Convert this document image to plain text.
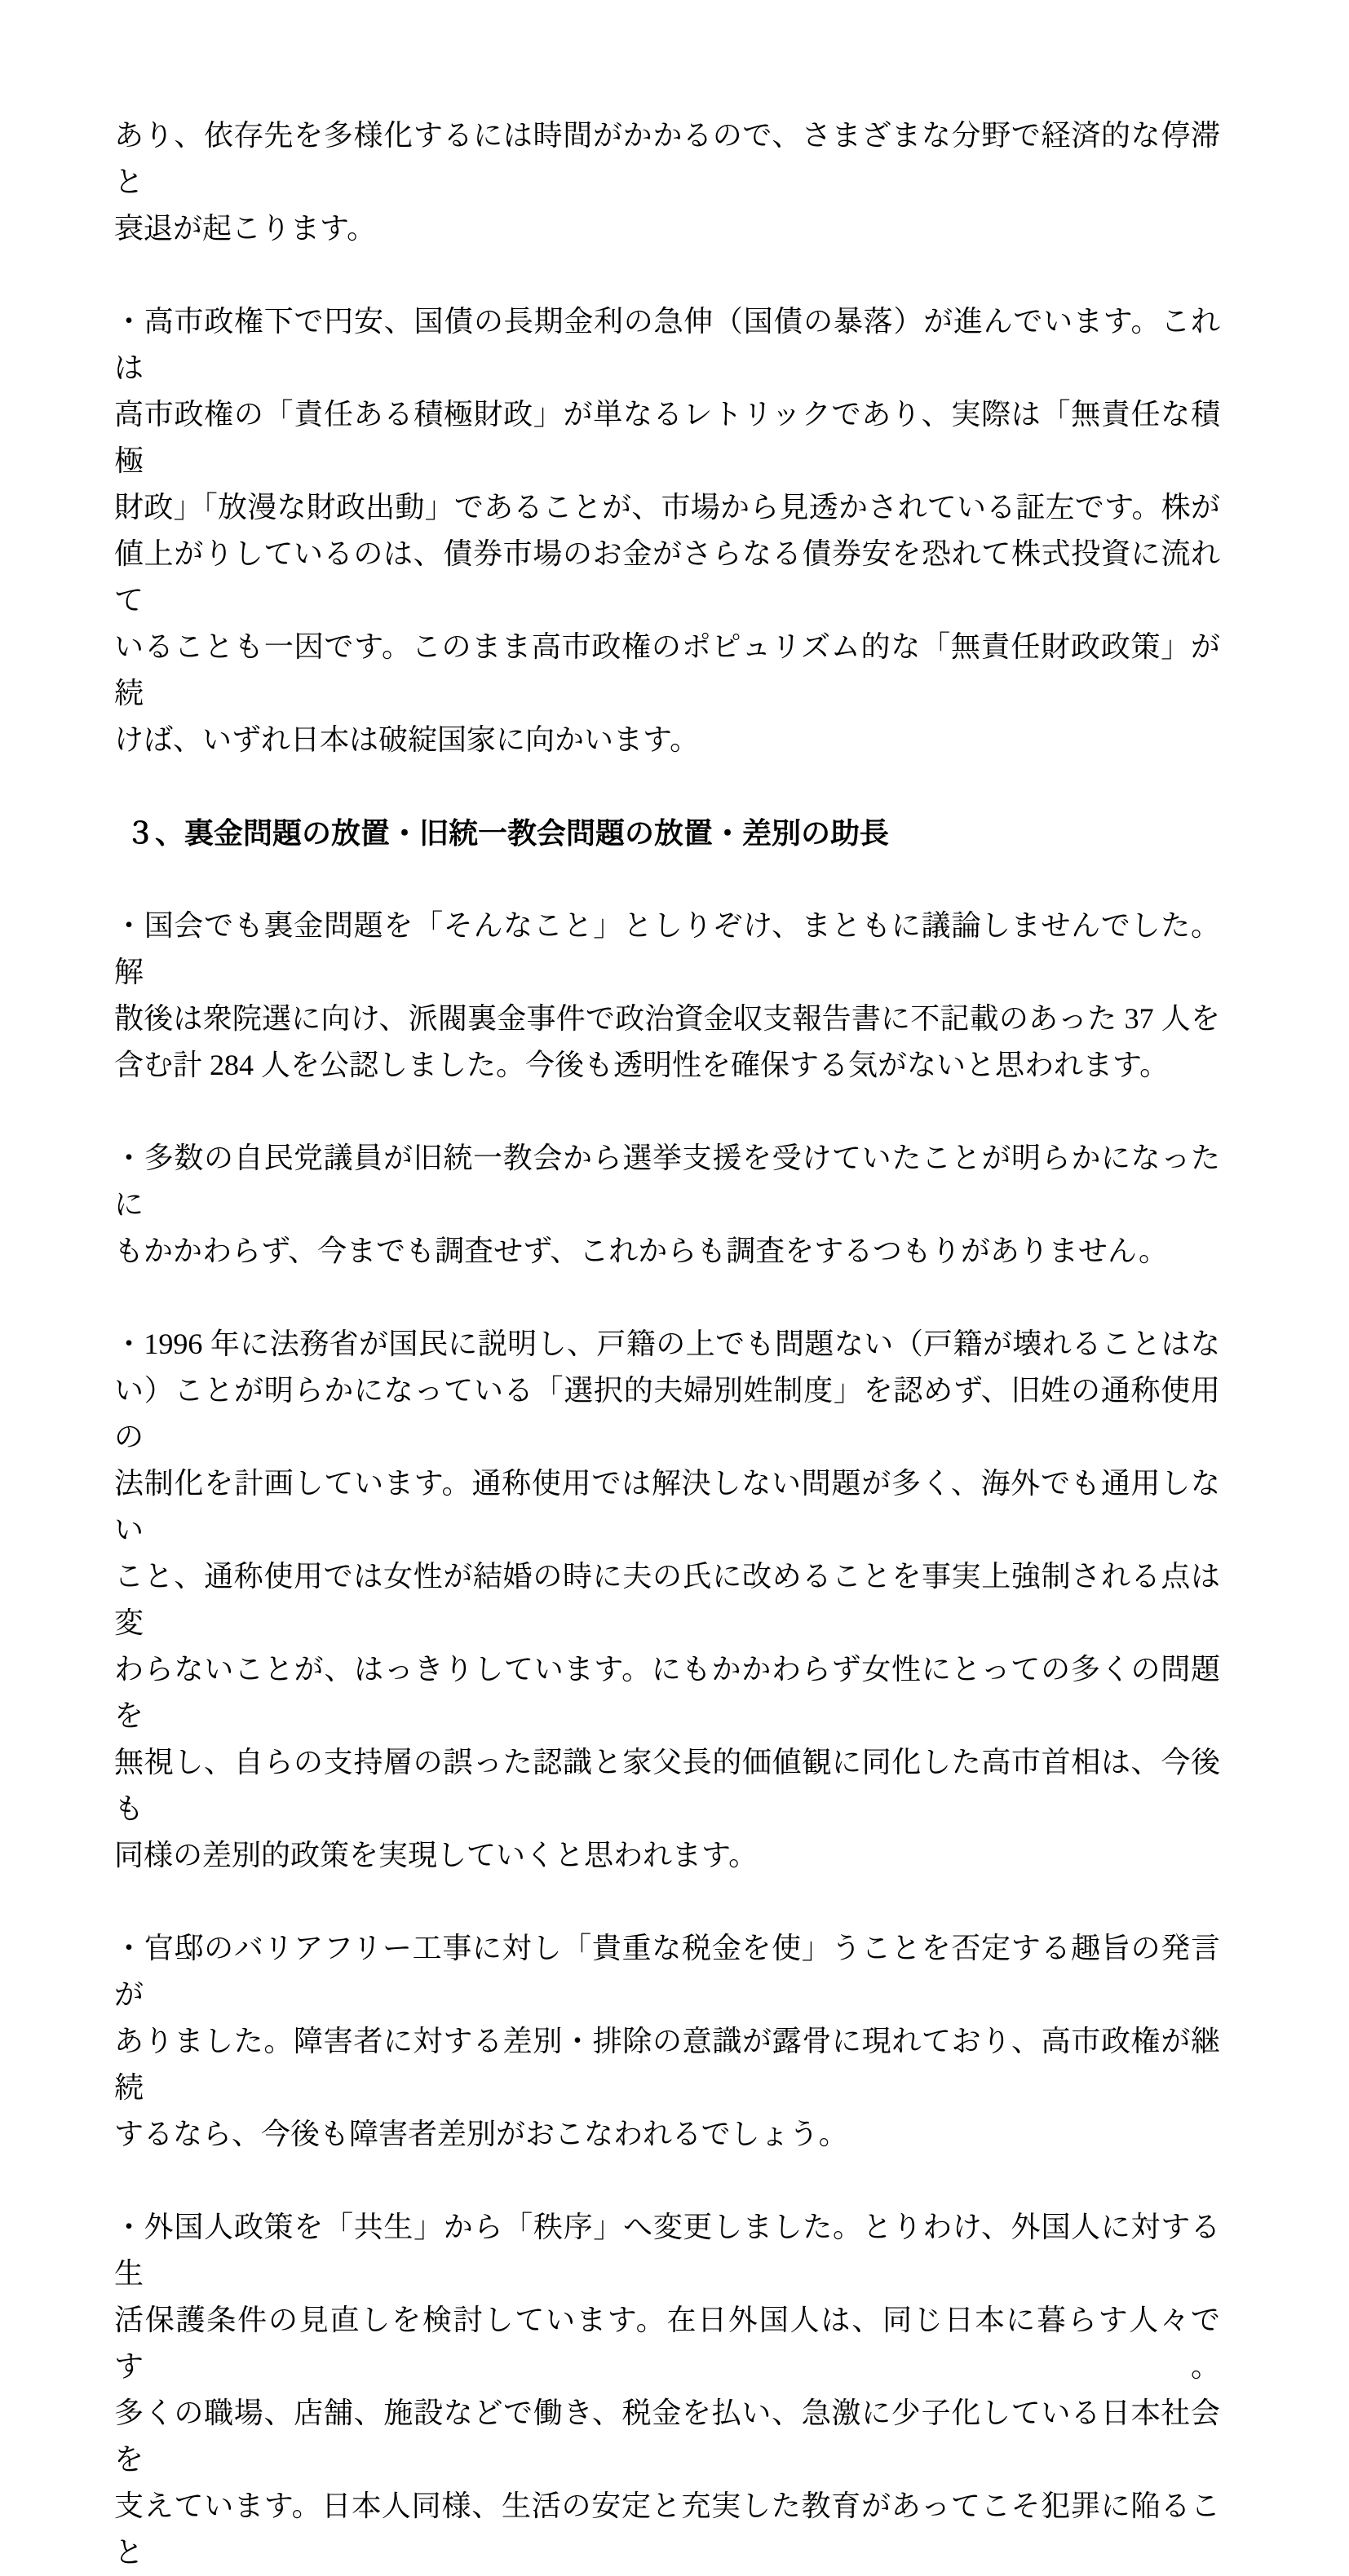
あり、依存先を多様化するには時間がかかるので、さまざまな分野で経済的な停滞と
衰退が起こります。
・高市政権下で円安、国債の長期金利の急伸（国債の暴落）が進んでいます。これは
高市政権の「責任ある積極財政」が単なるレトリックであり、実際は「無責任な積極
財政」「放漫な財政出動」であることが、市場から見透かされている証左です。株が
値上がりしているのは、債券市場のお金がさらなる債券安を恐れて株式投資に流れて
いることも一因です。このまま高市政権のポピュリズム的な「無責任財政政策」が続
けば、いずれ日本は破綻国家に向かいます。
３、裏金問題の放置・旧統一教会問題の放置・差別の助長
・国会でも裏金問題を「そんなこと」としりぞけ、まともに議論しませんでした。解
散後は衆院選に向け、派閥裏金事件で政治資金収支報告書に不記載のあった 37 人を
含む計 284 人を公認しました。今後も透明性を確保する気がないと思われます。
・多数の自民党議員が旧統一教会から選挙支援を受けていたことが明らかになったに
もかかわらず、今までも調査せず、これからも調査をするつもりがありません。
・1996 年に法務省が国民に説明し、戸籍の上でも問題ない（戸籍が壊れることはな
い）ことが明らかになっている「選択的夫婦別姓制度」を認めず、旧姓の通称使用の
法制化を計画しています。通称使用では解決しない問題が多く、海外でも通用しない
こと、通称使用では女性が結婚の時に夫の氏に改めることを事実上強制される点は変
わらないことが、はっきりしています。にもかかわらず女性にとっての多くの問題を
無視し、自らの支持層の誤った認識と家父長的価値観に同化した高市首相は、今後も
同様の差別的政策を実現していくと思われます。
・官邸のバリアフリー工事に対し「貴重な税金を使」うことを否定する趣旨の発言が
ありました。障害者に対する差別・排除の意識が露骨に現れており、高市政権が継続
するなら、今後も障害者差別がおこなわれるでしょう。
・外国人政策を「共生」から「秩序」へ変更しました。とりわけ、外国人に対する生
活保護条件の見直しを検討しています。在日外国人は、同じ日本に暮らす人々です。
多くの職場、店舗、施設などで働き、税金を払い、急激に少子化している日本社会を
支えています。日本人同様、生活の安定と充実した教育があってこそ犯罪に陥ること
